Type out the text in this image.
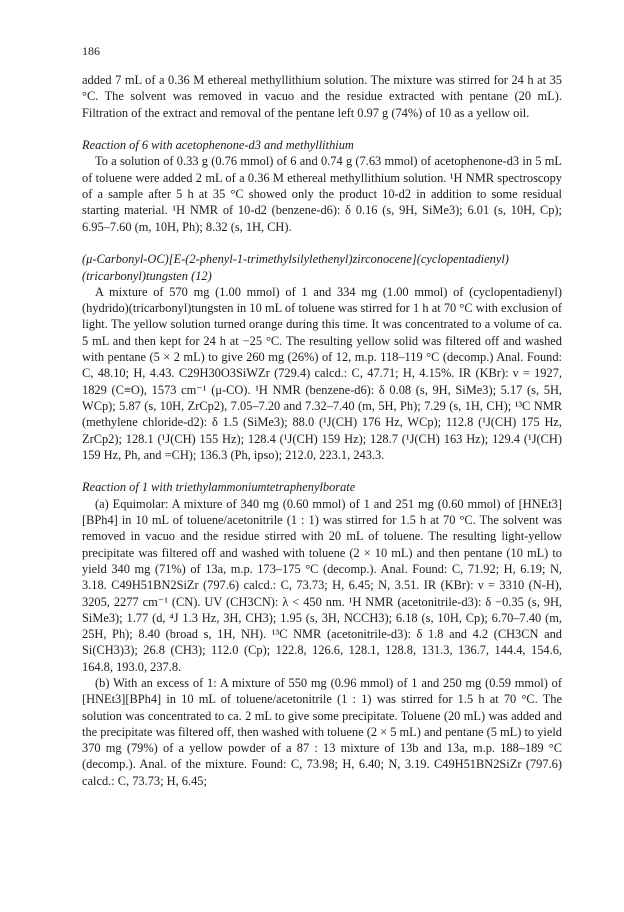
186

added 7 mL of a 0.36 M ethereal methyllithium solution. The mixture was stirred for 24 h at 35 °C. The solvent was removed in vacuo and the residue extracted with pentane (20 mL). Filtration of the extract and removal of the pentane left 0.97 g (74%) of 10 as a yellow oil.

Reaction of 6 with acetophenone-d3 and methyllithium

To a solution of 0.33 g (0.76 mmol) of 6 and 0.74 g (7.63 mmol) of acetophenone-d3 in 5 mL of toluene were added 2 mL of a 0.36 M ethereal methyllithium solution. ¹H NMR spectroscopy of a sample after 5 h at 35 °C showed only the product 10-d2 in addition to some residual starting material. ¹H NMR of 10-d2 (benzene-d6): δ 0.16 (s, 9H, SiMe3); 6.01 (s, 10H, Cp); 6.95–7.60 (m, 10H, Ph); 8.32 (s, 1H, CH).

(μ-Carbonyl-OC)[E-(2-phenyl-1-trimethylsilylethenyl)zirconocene](cyclopentadienyl)(tricarbonyl)tungsten (12)

A mixture of 570 mg (1.00 mmol) of 1 and 334 mg (1.00 mmol) of (cyclopentadienyl)(hydrido)(tricarbonyl)tungsten in 10 mL of toluene was stirred for 1 h at 70 °C with exclusion of light. The yellow solution turned orange during this time. It was concentrated to a volume of ca. 5 mL and then kept for 24 h at −25 °C. The resulting yellow solid was filtered off and washed with pentane (5 × 2 mL) to give 260 mg (26%) of 12, m.p. 118–119 °C (decomp.) Anal. Found: C, 48.10; H, 4.43. C29H30O3SiWZr (729.4) calcd.: C, 47.71; H, 4.15%. IR (KBr): ν = 1927, 1829 (C≡O), 1573 cm⁻¹ (μ-CO). ¹H NMR (benzene-d6): δ 0.08 (s, 9H, SiMe3); 5.17 (s, 5H, WCp); 5.87 (s, 10H, ZrCp2), 7.05–7.20 and 7.32–7.40 (m, 5H, Ph); 7.29 (s, 1H, CH); ¹³C NMR (methylene chloride-d2): δ 1.5 (SiMe3); 88.0 (¹J(CH) 176 Hz, WCp); 112.8 (¹J(CH) 175 Hz, ZrCp2); 128.1 (¹J(CH) 155 Hz); 128.4 (¹J(CH) 159 Hz); 128.7 (¹J(CH) 163 Hz); 129.4 (¹J(CH) 159 Hz, Ph, and =CH); 136.3 (Ph, ipso); 212.0, 223.1, 243.3.

Reaction of 1 with triethylammoniumtetraphenylborate

(a) Equimolar: A mixture of 340 mg (0.60 mmol) of 1 and 251 mg (0.60 mmol) of [HNEt3][BPh4] in 10 mL of toluene/acetonitrile (1 : 1) was stirred for 1.5 h at 70 °C. The solvent was removed in vacuo and the residue stirred with 20 mL of toluene. The resulting light-yellow precipitate was filtered off and washed with toluene (2 × 10 mL) and then pentane (10 mL) to yield 340 mg (71%) of 13a, m.p. 173–175 °C (decomp.). Anal. Found: C, 71.92; H, 6.19; N, 3.18. C49H51BN2SiZr (797.6) calcd.: C, 73.73; H, 6.45; N, 3.51. IR (KBr): ν = 3310 (N-H), 3205, 2277 cm⁻¹ (CN). UV (CH3CN): λ < 450 nm. ¹H NMR (acetonitrile-d3): δ −0.35 (s, 9H, SiMe3); 1.77 (d, ⁴J 1.3 Hz, 3H, CH3); 1.95 (s, 3H, NCCH3); 6.18 (s, 10H, Cp); 6.70–7.40 (m, 25H, Ph); 8.40 (broad s, 1H, NH). ¹³C NMR (acetonitrile-d3): δ 1.8 and 4.2 (CH3CN and Si(CH3)3); 26.8 (CH3); 112.0 (Cp); 122.8, 126.6, 128.1, 128.8, 131.3, 136.7, 144.4, 154.6, 164.8, 193.0, 237.8.

(b) With an excess of 1: A mixture of 550 mg (0.96 mmol) of 1 and 250 mg (0.59 mmol) of [HNEt3][BPh4] in 10 mL of toluene/acetonitrile (1 : 1) was stirred for 1.5 h at 70 °C. The solution was concentrated to ca. 2 mL to give some precipitate. Toluene (20 mL) was added and the precipitate was filtered off, then washed with toluene (2 × 5 mL) and pentane (5 mL) to yield 370 mg (79%) of a yellow powder of a 87 : 13 mixture of 13b and 13a, m.p. 188–189 °C (decomp.). Anal. of the mixture. Found: C, 73.98; H, 6.40; N, 3.19. C49H51BN2SiZr (797.6) calcd.: C, 73.73; H, 6.45;
